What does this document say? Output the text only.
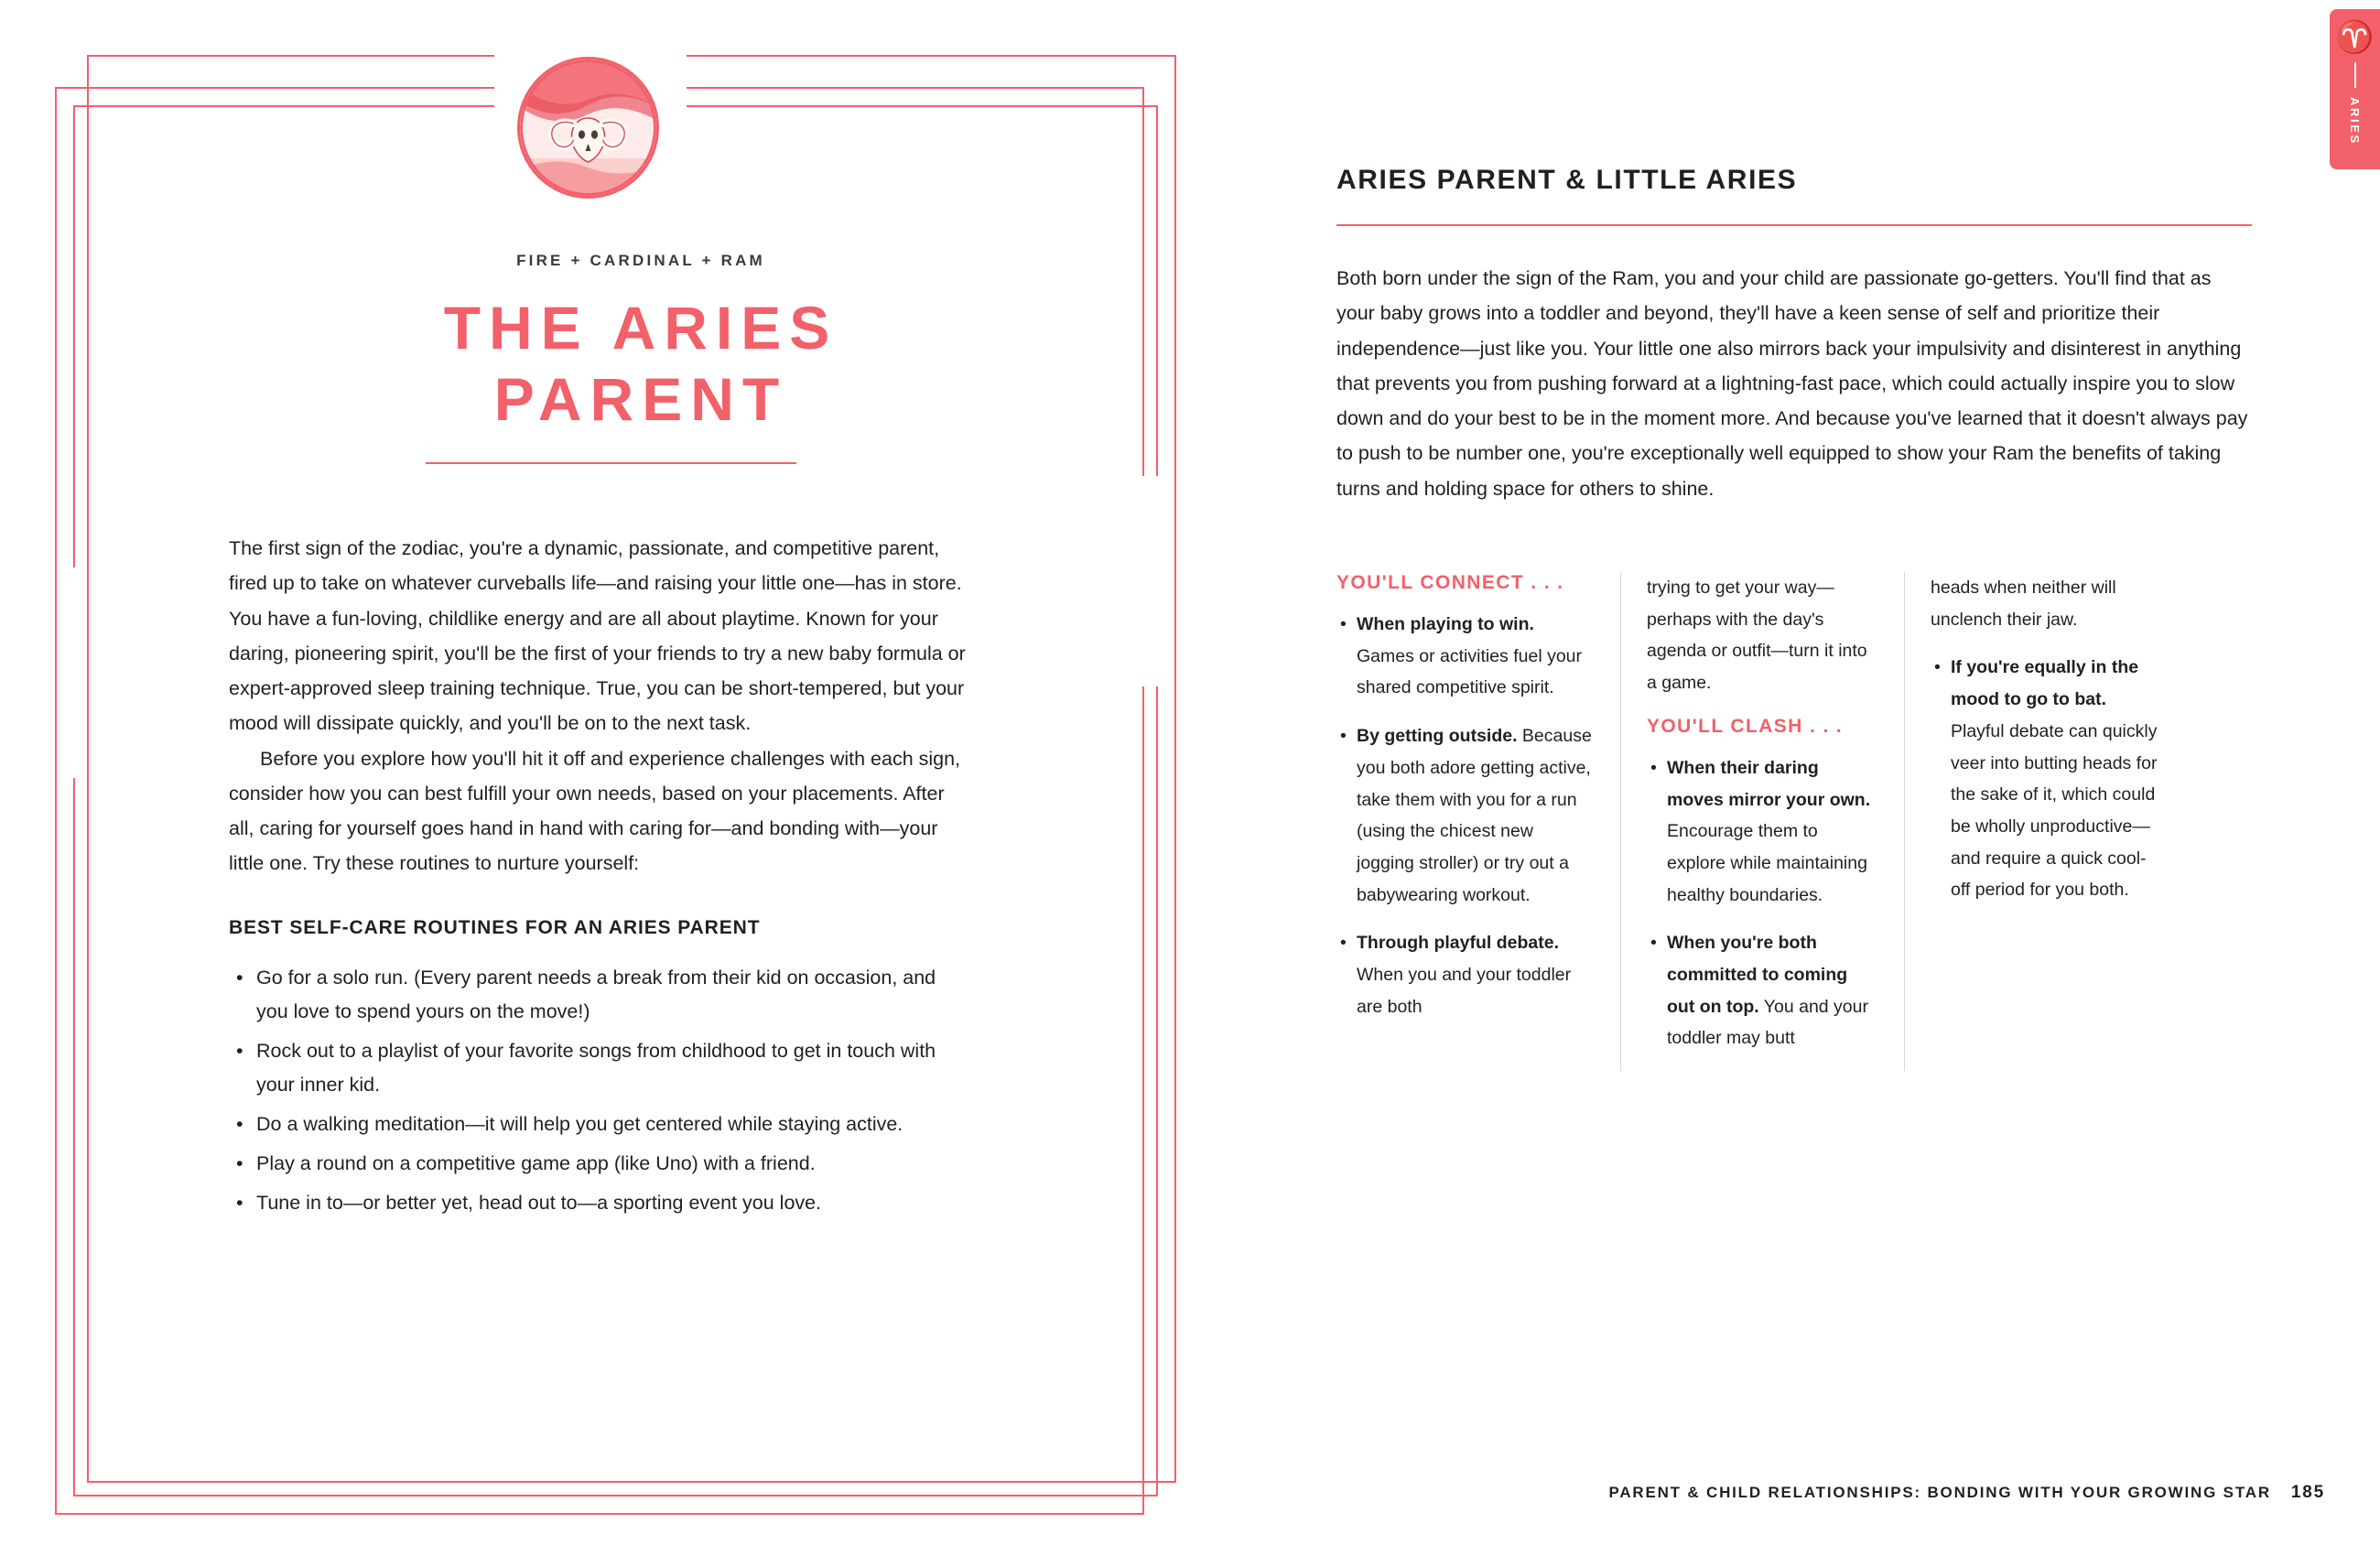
FIRE + CARDINAL + RAM
THE ARIES
PARENT

The first sign of the zodiac, you're a dynamic, passionate, and competitive parent, fired up to take on whatever curveballs life—and raising your little one—has in store. You have a fun-loving, childlike energy and are all about playtime. Known for your daring, pioneering spirit, you'll be the first of your friends to try a new baby formula or expert-approved sleep training technique. True, you can be short-tempered, but your mood will dissipate quickly, and you'll be on to the next task.

Before you explore how you'll hit it off and experience challenges with each sign, consider how you can best fulfill your own needs, based on your placements. After all, caring for yourself goes hand in hand with caring for—and bonding with—your little one. Try these routines to nurture yourself:

BEST SELF-CARE ROUTINES FOR AN ARIES PARENT
• Go for a solo run. (Every parent needs a break from their kid on occasion, and you love to spend yours on the move!)
• Rock out to a playlist of your favorite songs from childhood to get in touch with your inner kid.
• Do a walking meditation—it will help you get centered while staying active.
• Play a round on a competitive game app (like Uno) with a friend.
• Tune in to—or better yet, head out to—a sporting event you love.
♈
ARIES
ARIES PARENT & LITTLE ARIES
Both born under the sign of the Ram, you and your child are passionate go-getters. You'll find that as your baby grows into a toddler and beyond, they'll have a keen sense of self and prioritize their independence—just like you. Your little one also mirrors back your impulsivity and disinterest in anything that prevents you from pushing forward at a lightning-fast pace, which could actually inspire you to slow down and do your best to be in the moment more. And because you've learned that it doesn't always pay to push to be number one, you're exceptionally well equipped to show your Ram the benefits of taking turns and holding space for others to shine.
YOU'LL CONNECT . . .
• When playing to win. Games or activities fuel your shared competitive spirit.
• By getting outside. Because you both adore getting active, take them with you for a run (using the chicest new jogging stroller) or try out a babywearing workout.
• Through playful debate. When you and your toddler are both

trying to get your way—perhaps with the day's agenda or outfit—turn it into a game.

YOU'LL CLASH . . .
• When their daring moves mirror your own. Encourage them to explore while maintaining healthy boundaries.
• When you're both committed to coming out on top. You and your toddler may butt

heads when neither will unclench their jaw.

• If you're equally in the mood to go to bat. Playful debate can quickly veer into butting heads for the sake of it, which could be wholly unproductive—and require a quick cool-off period for you both.
PARENT & CHILD RELATIONSHIPS: BONDING WITH YOUR GROWING STAR 185
